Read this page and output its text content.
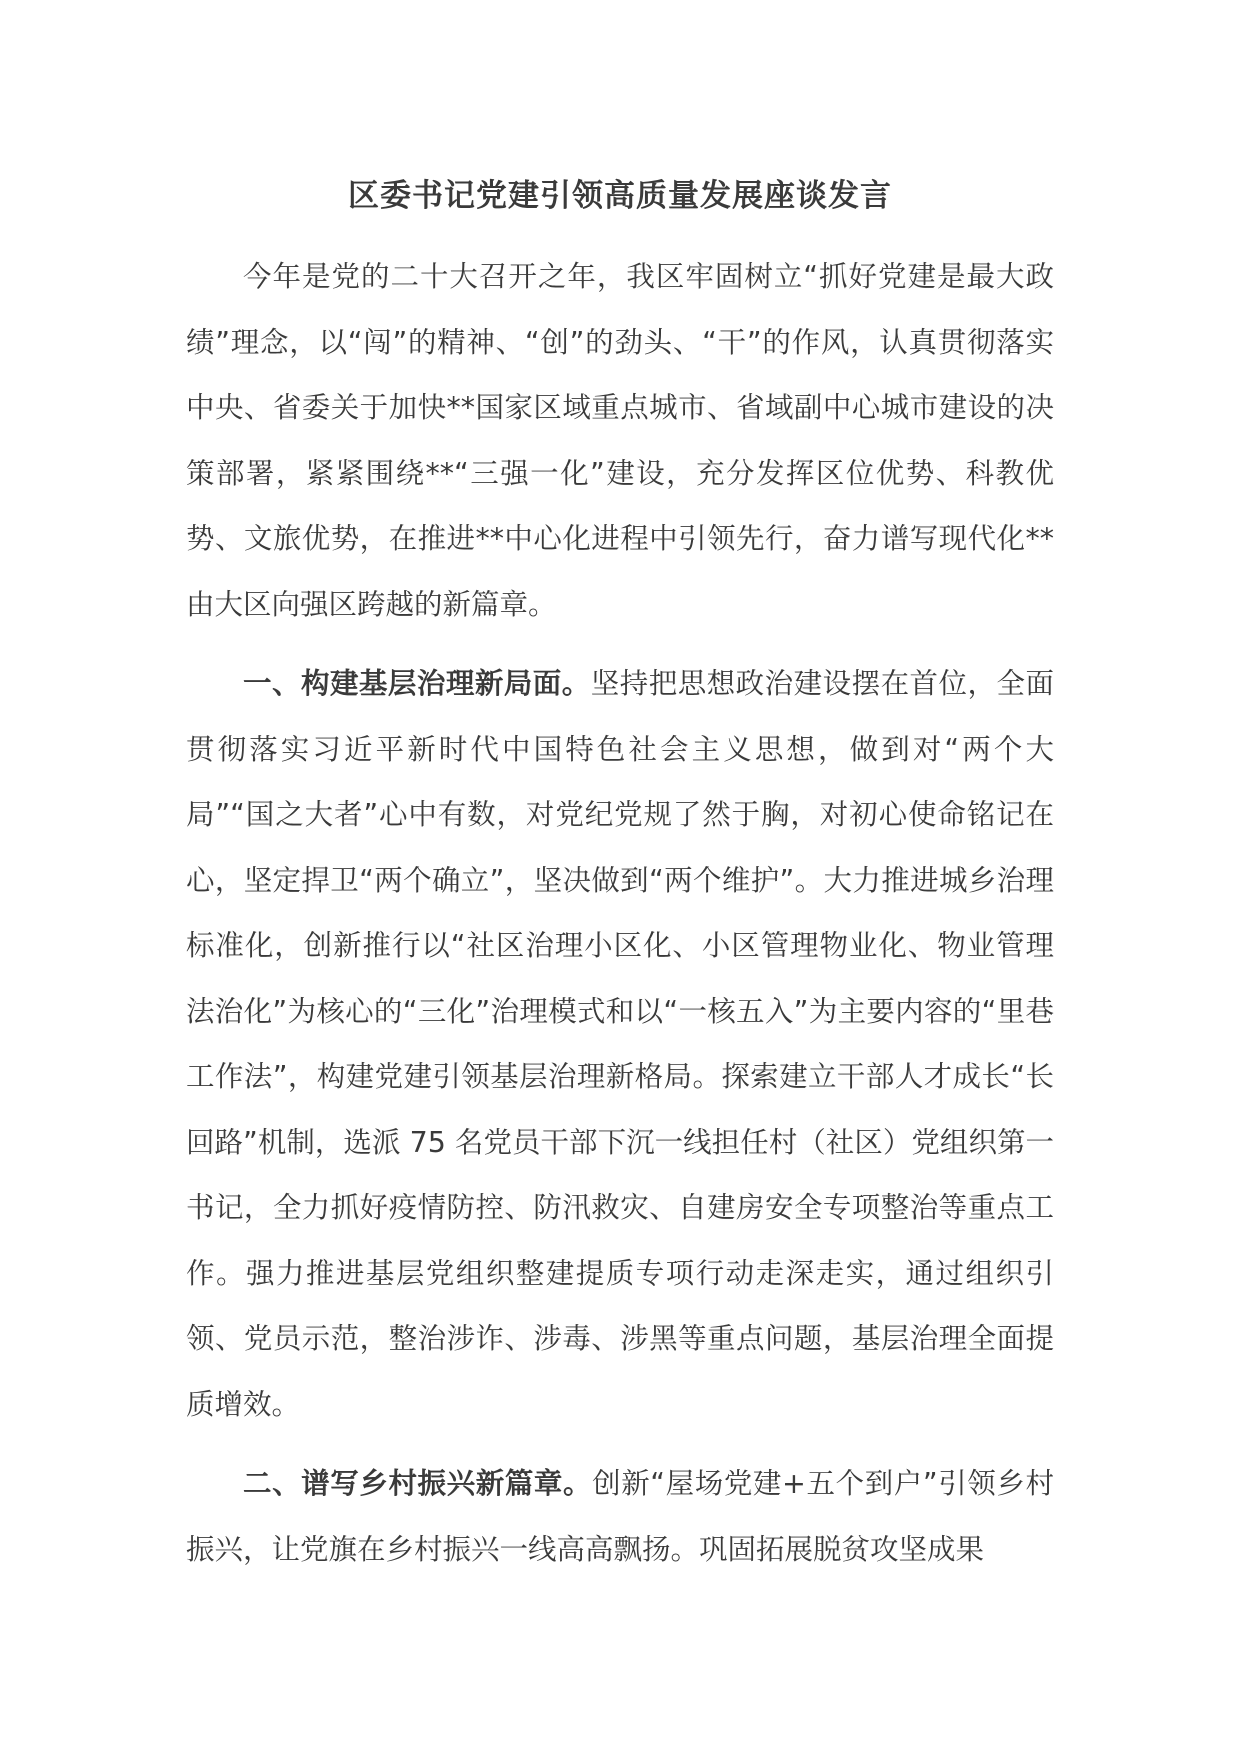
区委书记党建引领高质量发展座谈发言

今年是党的二十大召开之年，我区牢固树立“抓好党建是最大政绩”理念，以“闯”的精神、“创”的劲头、“干”的作风，认真贯彻落实中央、省委关于加快**国家区域重点城市、省域副中心城市建设的决策部署，紧紧围绕**“三强一化”建设，充分发挥区位优势、科教优势、文旅优势，在推进**中心化进程中引领先行，奋力谱写现代化**由大区向强区跨越的新篇章。

一、构建基层治理新局面。坚持把思想政治建设摆在首位，全面贯彻落实习近平新时代中国特色社会主义思想，做到对“两个大局”“国之大者”心中有数，对党纪党规了然于胸，对初心使命铭记在心，坚定捍卫“两个确立”，坚决做到“两个维护”。大力推进城乡治理标准化，创新推行以“社区治理小区化、小区管理物业化、物业管理法治化”为核心的“三化”治理模式和以“一核五入”为主要内容的“里巷工作法”，构建党建引领基层治理新格局。探索建立干部人才成长“长回路”机制，选派 75 名党员干部下沉一线担任村（社区）党组织第一书记，全力抓好疫情防控、防汛救灾、自建房安全专项整治等重点工作。强力推进基层党组织整建提质专项行动走深走实，通过组织引领、党员示范，整治涉诈、涉毒、涉黑等重点问题，基层治理全面提质增效。

二、谱写乡村振兴新篇章。创新“屋场党建+五个到户”引领乡村振兴，让党旗在乡村振兴一线高高飘扬。巩固拓展脱贫攻坚成果
